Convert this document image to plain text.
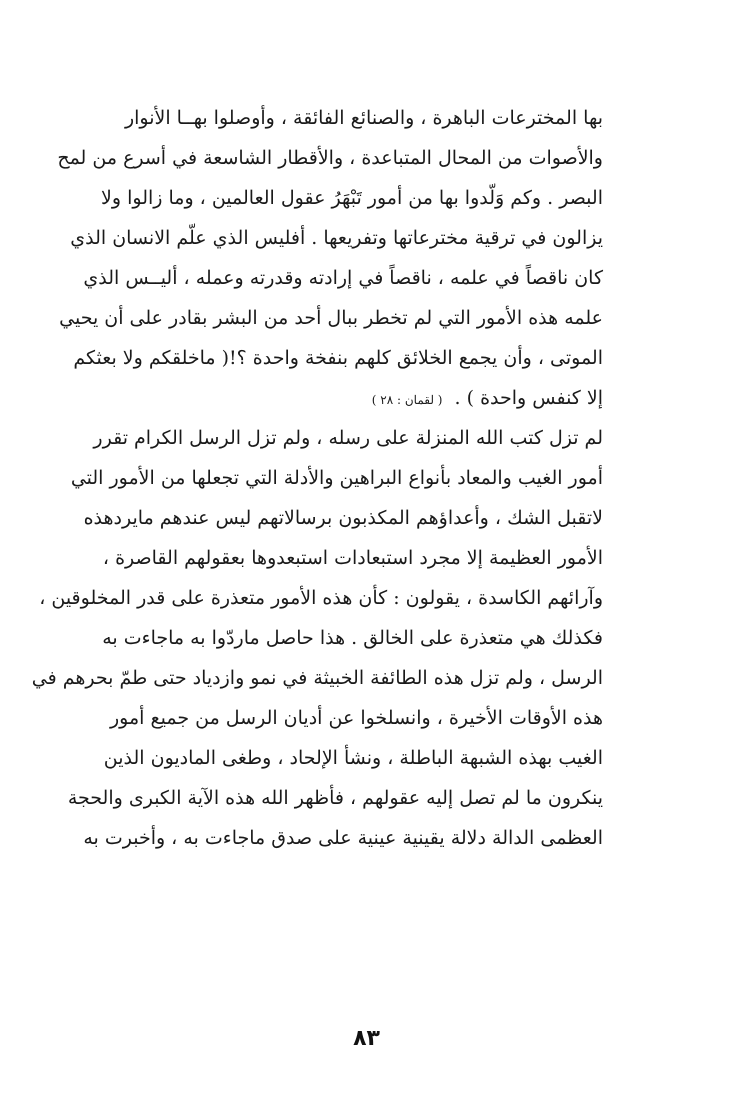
بها المخترعات الباهرة ، والصنائع الفائقة ، وأوصلوا بهــا الأنوار
والأصوات من المحال المتباعدة ، والأقطار الشاسعة في أسرع من لمح
البصر . وكم وَلّدوا بها من أمور تَبْهَرُ عقول العالمين ، وما زالوا ولا
يزالون في ترقية مخترعاتها وتفريعها . أفليس الذي علّم الانسان الذي
كان ناقصاً في علمه ، ناقصاً في إرادته وقدرته وعمله ، أليــس الذي
علمه هذه الأمور التي لم تخطر ببال أحد من البشر بقادر على أن يحيي
الموتى ، وأن يجمع الخلائق كلهم بنفخة واحدة ؟!( ماخلقكم ولا بعثكم
إلا كنفس واحدة ) . ( لقمان : ٢٨ )
لم تزل كتب الله المنزلة على رسله ، ولم تزل الرسل الكرام تقرر
أمور الغيب والمعاد بأنواع البراهين والأدلة التي تجعلها من الأمور التي
لاتقبل الشك ، وأعداؤهم المكذبون برسالاتهم ليس عندهم مايردهذه
الأمور العظيمة إلا مجرد استبعادات استبعدوها بعقولهم القاصرة ،
وآرائهم الكاسدة ، يقولون : كأن هذه الأمور متعذرة على قدر المخلوقين ،
فكذلك هي متعذرة على الخالق . هذا حاصل ماردّوا به ماجاءت به
الرسل ، ولم تزل هذه الطائفة الخبيثة في نمو وازدياد حتى طمّ بحرهم في
هذه الأوقات الأخيرة ، وانسلخوا عن أديان الرسل من جميع أمور
الغيب بهذه الشبهة الباطلة ، ونشأ الإلحاد ، وطغى الماديون الذين
ينكرون ما لم تصل إليه عقولهم ، فأظهر الله هذه الآية الكبرى والحجة
العظمى الدالة دلالة يقينية عينية على صدق ماجاءت به ، وأخبرت به
٨٣
